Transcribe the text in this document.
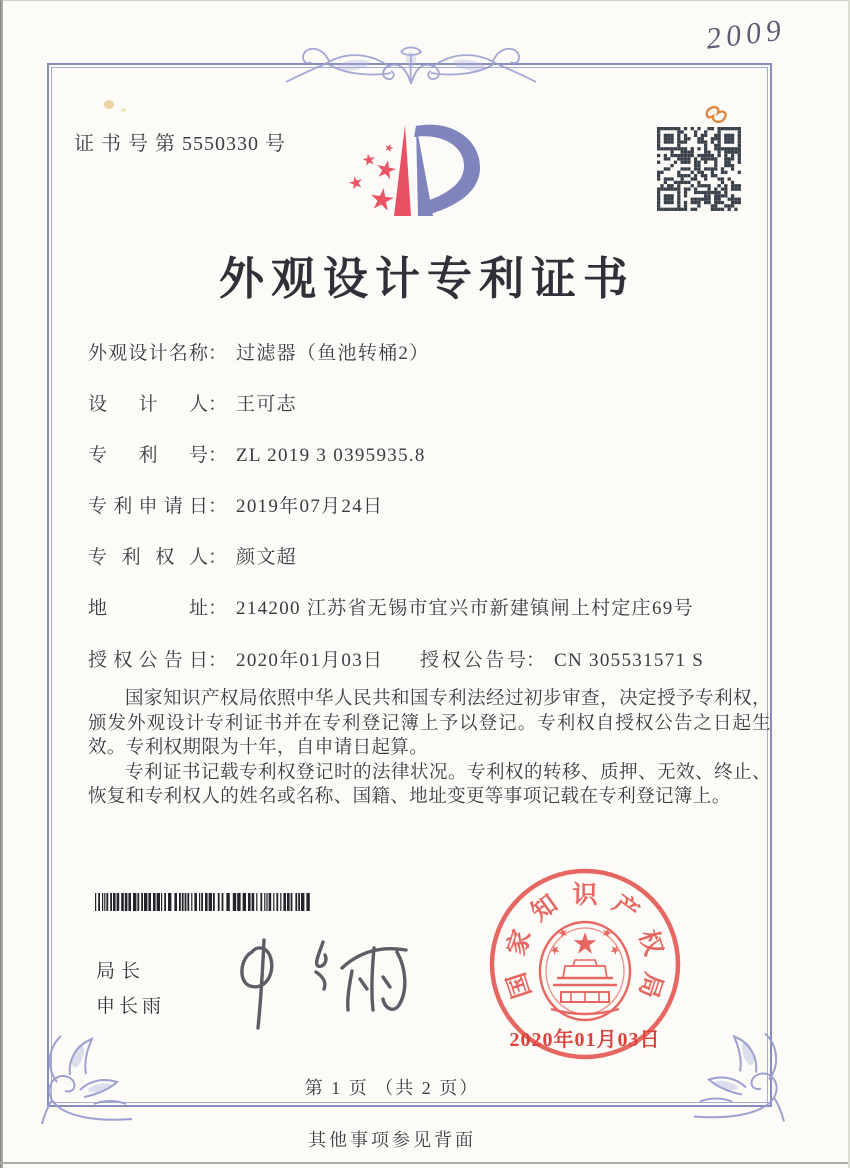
证 书 号 第 5550330 号
2009
外观设计专利证书
外 观 设 计 名 称 ： 过滤器（鱼池转桶2）
设 计 人 ： 王可志
专 利 号 ： ZL 2019 3 0395935.8
专 利 申 请 日 ： 2019年07月24日
专 利 权 人 ： 颜文超
地	址 ： 214200 江苏省无锡市宜兴市新建镇闸上村定庄69号
授 权 公 告 日 ： 2020年01月03日 授 权 公 告 号 ： CN 305531571 S

国家知识产权局依照中华人民共和国专利法经过初步审查，决定授予专利权，颁发外观设计专利证书并在专利登记簿上予以登记。专利权自授权公告之日起生效。专利权期限为十年，自申请日起算。

专利证书记载专利权登记时的法律状况。专利权的转移、质押、无效、终止、恢复和专利权人的姓名或名称、国籍、地址变更等事项记载在专利登记簿上。

局长
申长雨
国
家
知 识 产
权
局
2020年01月03日
第 1 页 （共 2 页）
其他事项参见背面
